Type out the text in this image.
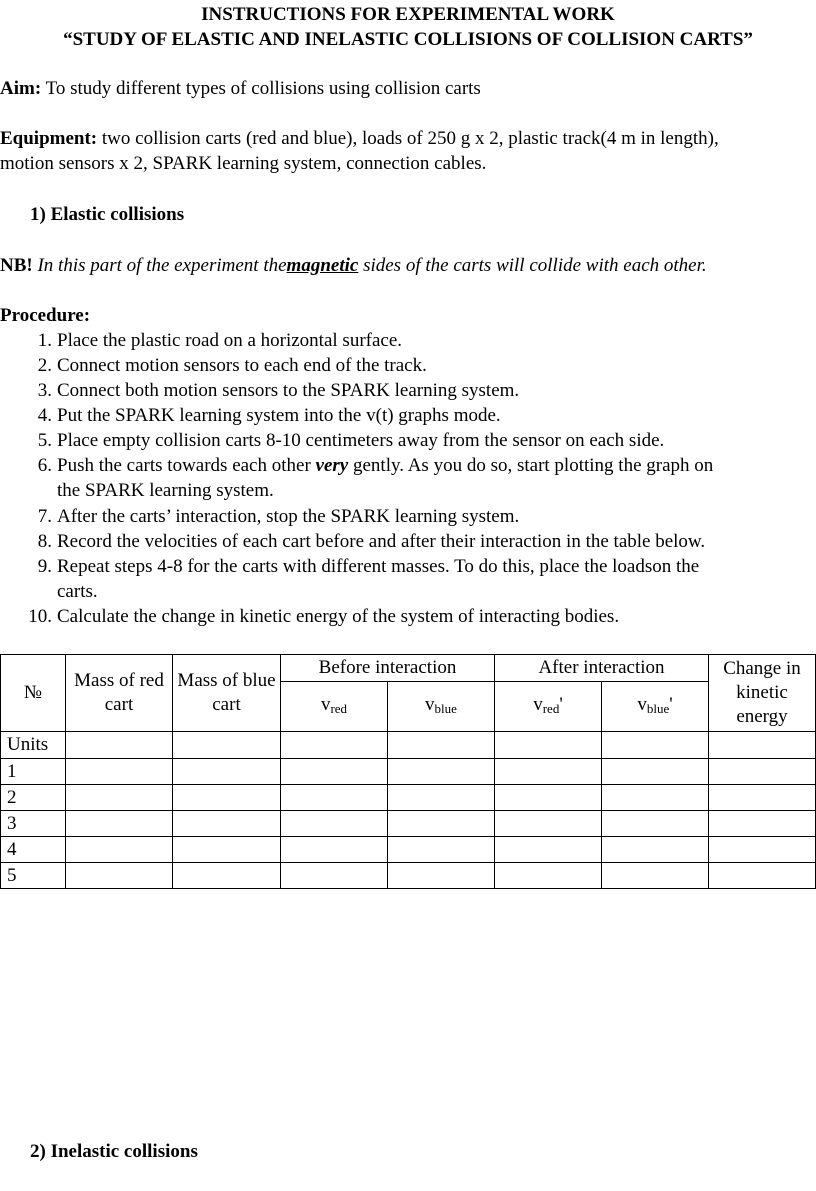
INSTRUCTIONS FOR EXPERIMENTAL WORK
“STUDY OF ELASTIC AND INELASTIC COLLISIONS OF COLLISION CARTS”
Aim: To study different types of collisions using collision carts
Equipment: two collision carts (red and blue), loads of 250 g x 2, plastic track(4 m in length),
motion sensors x 2, SPARK learning system, connection cables.
1) Elastic collisions
NB! In this part of the experiment themagnetic sides of the carts will collide with each other.
Procedure:
1. Place the plastic road on a horizontal surface.
2. Connect motion sensors to each end of the track.
3. Connect both motion sensors to the SPARK learning system.
4. Put the SPARK learning system into the v(t) graphs mode.
5. Place empty collision carts 8-10 centimeters away from the sensor on each side.
6. Push the carts towards each other very gently. As you do so, start plotting the graph on
the SPARK learning system.
7. After the carts’ interaction, stop the SPARK learning system.
8. Record the velocities of each cart before and after their interaction in the table below.
9. Repeat steps 4-8 for the carts with different masses. To do this, place the loadson the
carts.
10. Calculate the change in kinetic energy of the system of interacting bodies.
№	Mass of red cart	Mass of blue cart	Before interaction		After interaction		Change in kinetic energy
			$v_{red}$	$v_{blue}$	$v_{red}'$	$v_{blue}'$	
Units							
1							
2							
3							
4							
5							
2) Inelastic collisions
